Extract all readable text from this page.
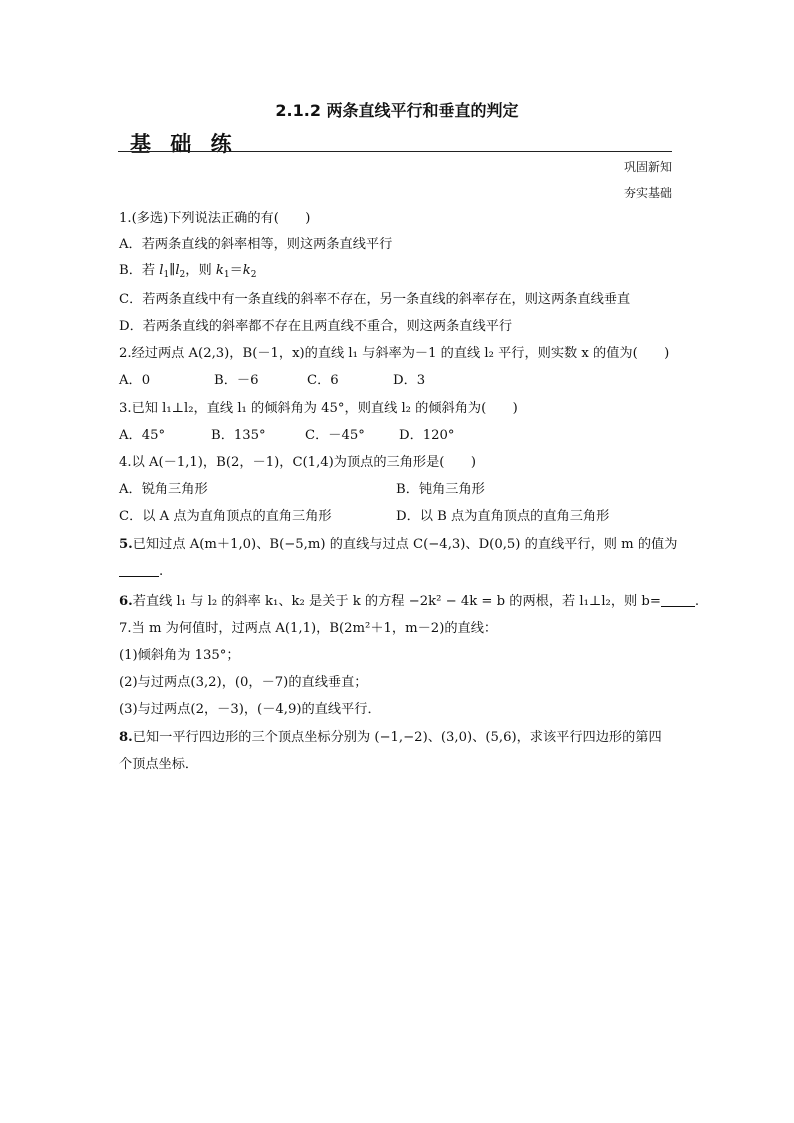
2.1.2 两条直线平行和垂直的判定
基 础 练
巩固新知
夯实基础
1.(多选)下列说法正确的有(　　)
A．若两条直线的斜率相等，则这两条直线平行
B．若 $l_1\parallel l_2$，则 $k_1=k_2$
C．若两条直线中有一条直线的斜率不存在，另一条直线的斜率存在，则这两条直线垂直
D．若两条直线的斜率都不存在且两直线不重合，则这两条直线平行
2.经过两点 A(2,3)，B(－1，x)的直线 l₁ 与斜率为－1 的直线 l₂ 平行，则实数 x 的值为(　　)
A．0	B．－6	C．6	D．3
3.已知 l₁⊥l₂，直线 l₁ 的倾斜角为 45°，则直线 l₂ 的倾斜角为(　　)
A．45°	B．135°	C．－45°	D．120°
4.以 A(－1,1)，B(2，－1)，C(1,4)为顶点的三角形是(　　)
A．锐角三角形	B．钝角三角形
C．以 A 点为直角顶点的直角三角形	D．以 B 点为直角顶点的直角三角形
5.已知过点 A(m＋1,0)、B(−5,m) 的直线与过点 C(−4,3)、D(0,5) 的直线平行，则 m 的值为
.
6.若直线 l₁ 与 l₂ 的斜率 k₁、k₂ 是关于 k 的方程 −2k² − 4k = b 的两根，若 l₁⊥l₂，则 b=	.
7.当 m 为何值时，过两点 A(1,1)，B(2m²＋1，m－2)的直线：
(1)倾斜角为 135°；
(2)与过两点(3,2)，(0，－7)的直线垂直；
(3)与过两点(2，－3)，(－4,9)的直线平行．
8.已知一平行四边形的三个顶点坐标分别为 (−1,−2)、(3,0)、(5,6)，求该平行四边形的第四
个顶点坐标．
